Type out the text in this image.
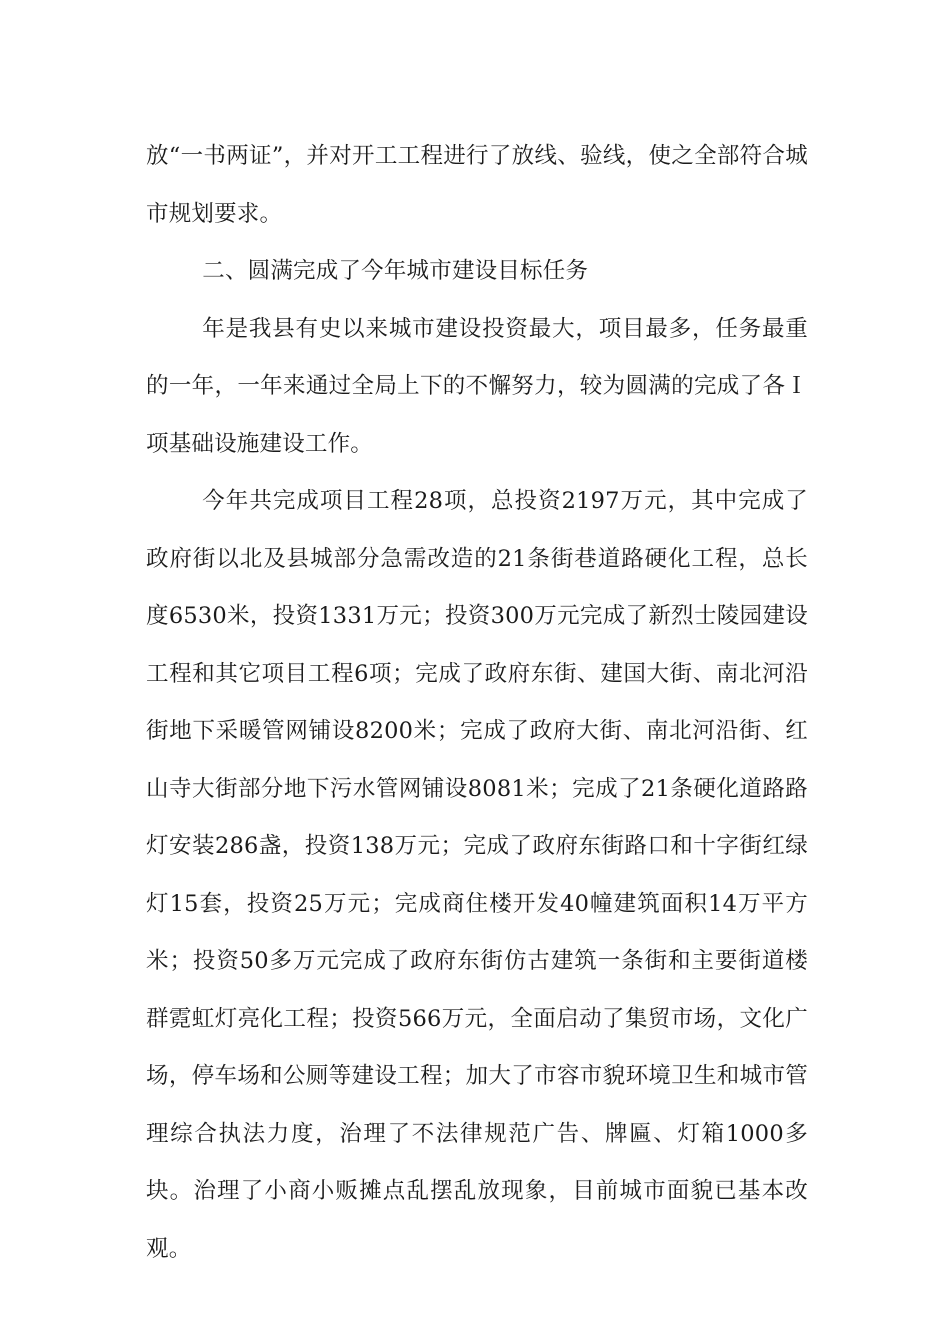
放“一书两证”，并对开工工程进行了放线、验线，使之全部符合城市规划要求。

二、圆满完成了今年城市建设目标任务

年是我县有史以来城市建设投资最大，项目最多，任务最重的一年，一年来通过全局上下的不懈努力，较为圆满的完成了各Ｉ项基础设施建设工作。

今年共完成项目工程28项，总投资2197万元，其中完成了政府街以北及县城部分急需改造的21条街巷道路硬化工程，总长度6530米，投资1331万元；投资300万元完成了新烈士陵园建设工程和其它项目工程6项；完成了政府东街、建国大街、南北河沿街地下采暖管网铺设8200米；完成了政府大街、南北河沿街、红山寺大街部分地下污水管网铺设8081米；完成了21条硬化道路路灯安装286盏，投资138万元；完成了政府东街路口和十字街红绿灯15套，投资25万元；完成商住楼开发40幢建筑面积14万平方米；投资50多万元完成了政府东街仿古建筑一条街和主要街道楼群霓虹灯亮化工程；投资566万元，全面启动了集贸市场，文化广场，停车场和公厕等建设工程；加大了市容市貌环境卫生和城市管理综合执法力度，治理了不法律规范广告、牌匾、灯箱1000多块。治理了小商小贩摊点乱摆乱放现象，目前城市面貌已基本改观。
